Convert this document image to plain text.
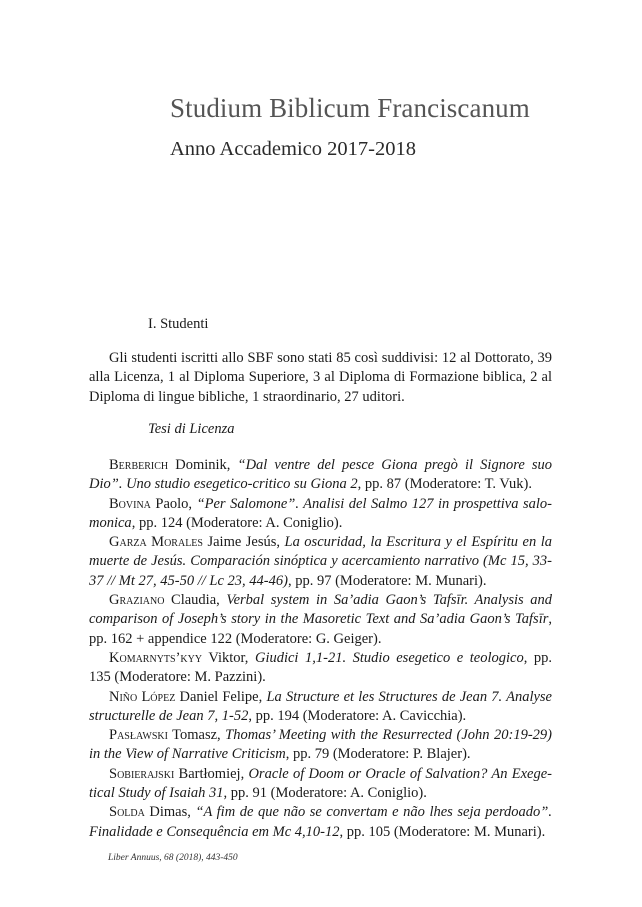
Studium Biblicum Franciscanum
Anno Accademico 2017-2018
I. Studenti

Gli studenti iscritti allo SBF sono stati 85 così suddivisi: 12 al Dottorato, 39 alla Licenza, 1 al Diploma Superiore, 3 al Diploma di Formazione biblica, 2 al Diploma di lingue bibliche, 1 straordinario, 27 uditori.

Tesi di Licenza

Berberich Dominik, “Dal ventre del pesce Giona pregò il Signore suo Dio”. Uno studio esegetico-critico su Giona 2, pp. 87 (Moderatore: T. Vuk).

Bovina Paolo, “Per Salomone”. Analisi del Salmo 127 in prospettiva salomonica, pp. 124 (Moderatore: A. Coniglio).

Garza Morales Jaime Jesús, La oscuridad, la Escritura y el Espíritu en la muerte de Jesús. Comparación sinóptica y acercamiento narrativo (Mc 15, 33-37 // Mt 27, 45-50 // Lc 23, 44-46), pp. 97 (Moderatore: M. Munari).

Graziano Claudia, Verbal system in Sa’adia Gaon’s Tafsīr. Analysis and comparison of Joseph’s story in the Masoretic Text and Sa’adia Gaon’s Tafsīr, pp. 162 + appendice 122 (Moderatore: G. Geiger).

Komarnyts’kyy Viktor, Giudici 1,1-21. Studio esegetico e teologico, pp. 135 (Moderatore: M. Pazzini).

Niño López Daniel Felipe, La Structure et les Structures de Jean 7. Analyse structurelle de Jean 7, 1-52, pp. 194 (Moderatore: A. Cavicchia).

Pasławski Tomasz, Thomas’ Meeting with the Resurrected (John 20:19-29) in the View of Narrative Criticism, pp. 79 (Moderatore: P. Blajer).

Sobierajski Bartłomiej, Oracle of Doom or Oracle of Salvation? An Exegetical Study of Isaiah 31, pp. 91 (Moderatore: A. Coniglio).

Solda Dimas, “A fim de que não se convertam e não lhes seja perdoado”. Finalidade e Consequência em Mc 4,10-12, pp. 105 (Moderatore: M. Munari).

Liber Annuus, 68 (2018), 443-450
